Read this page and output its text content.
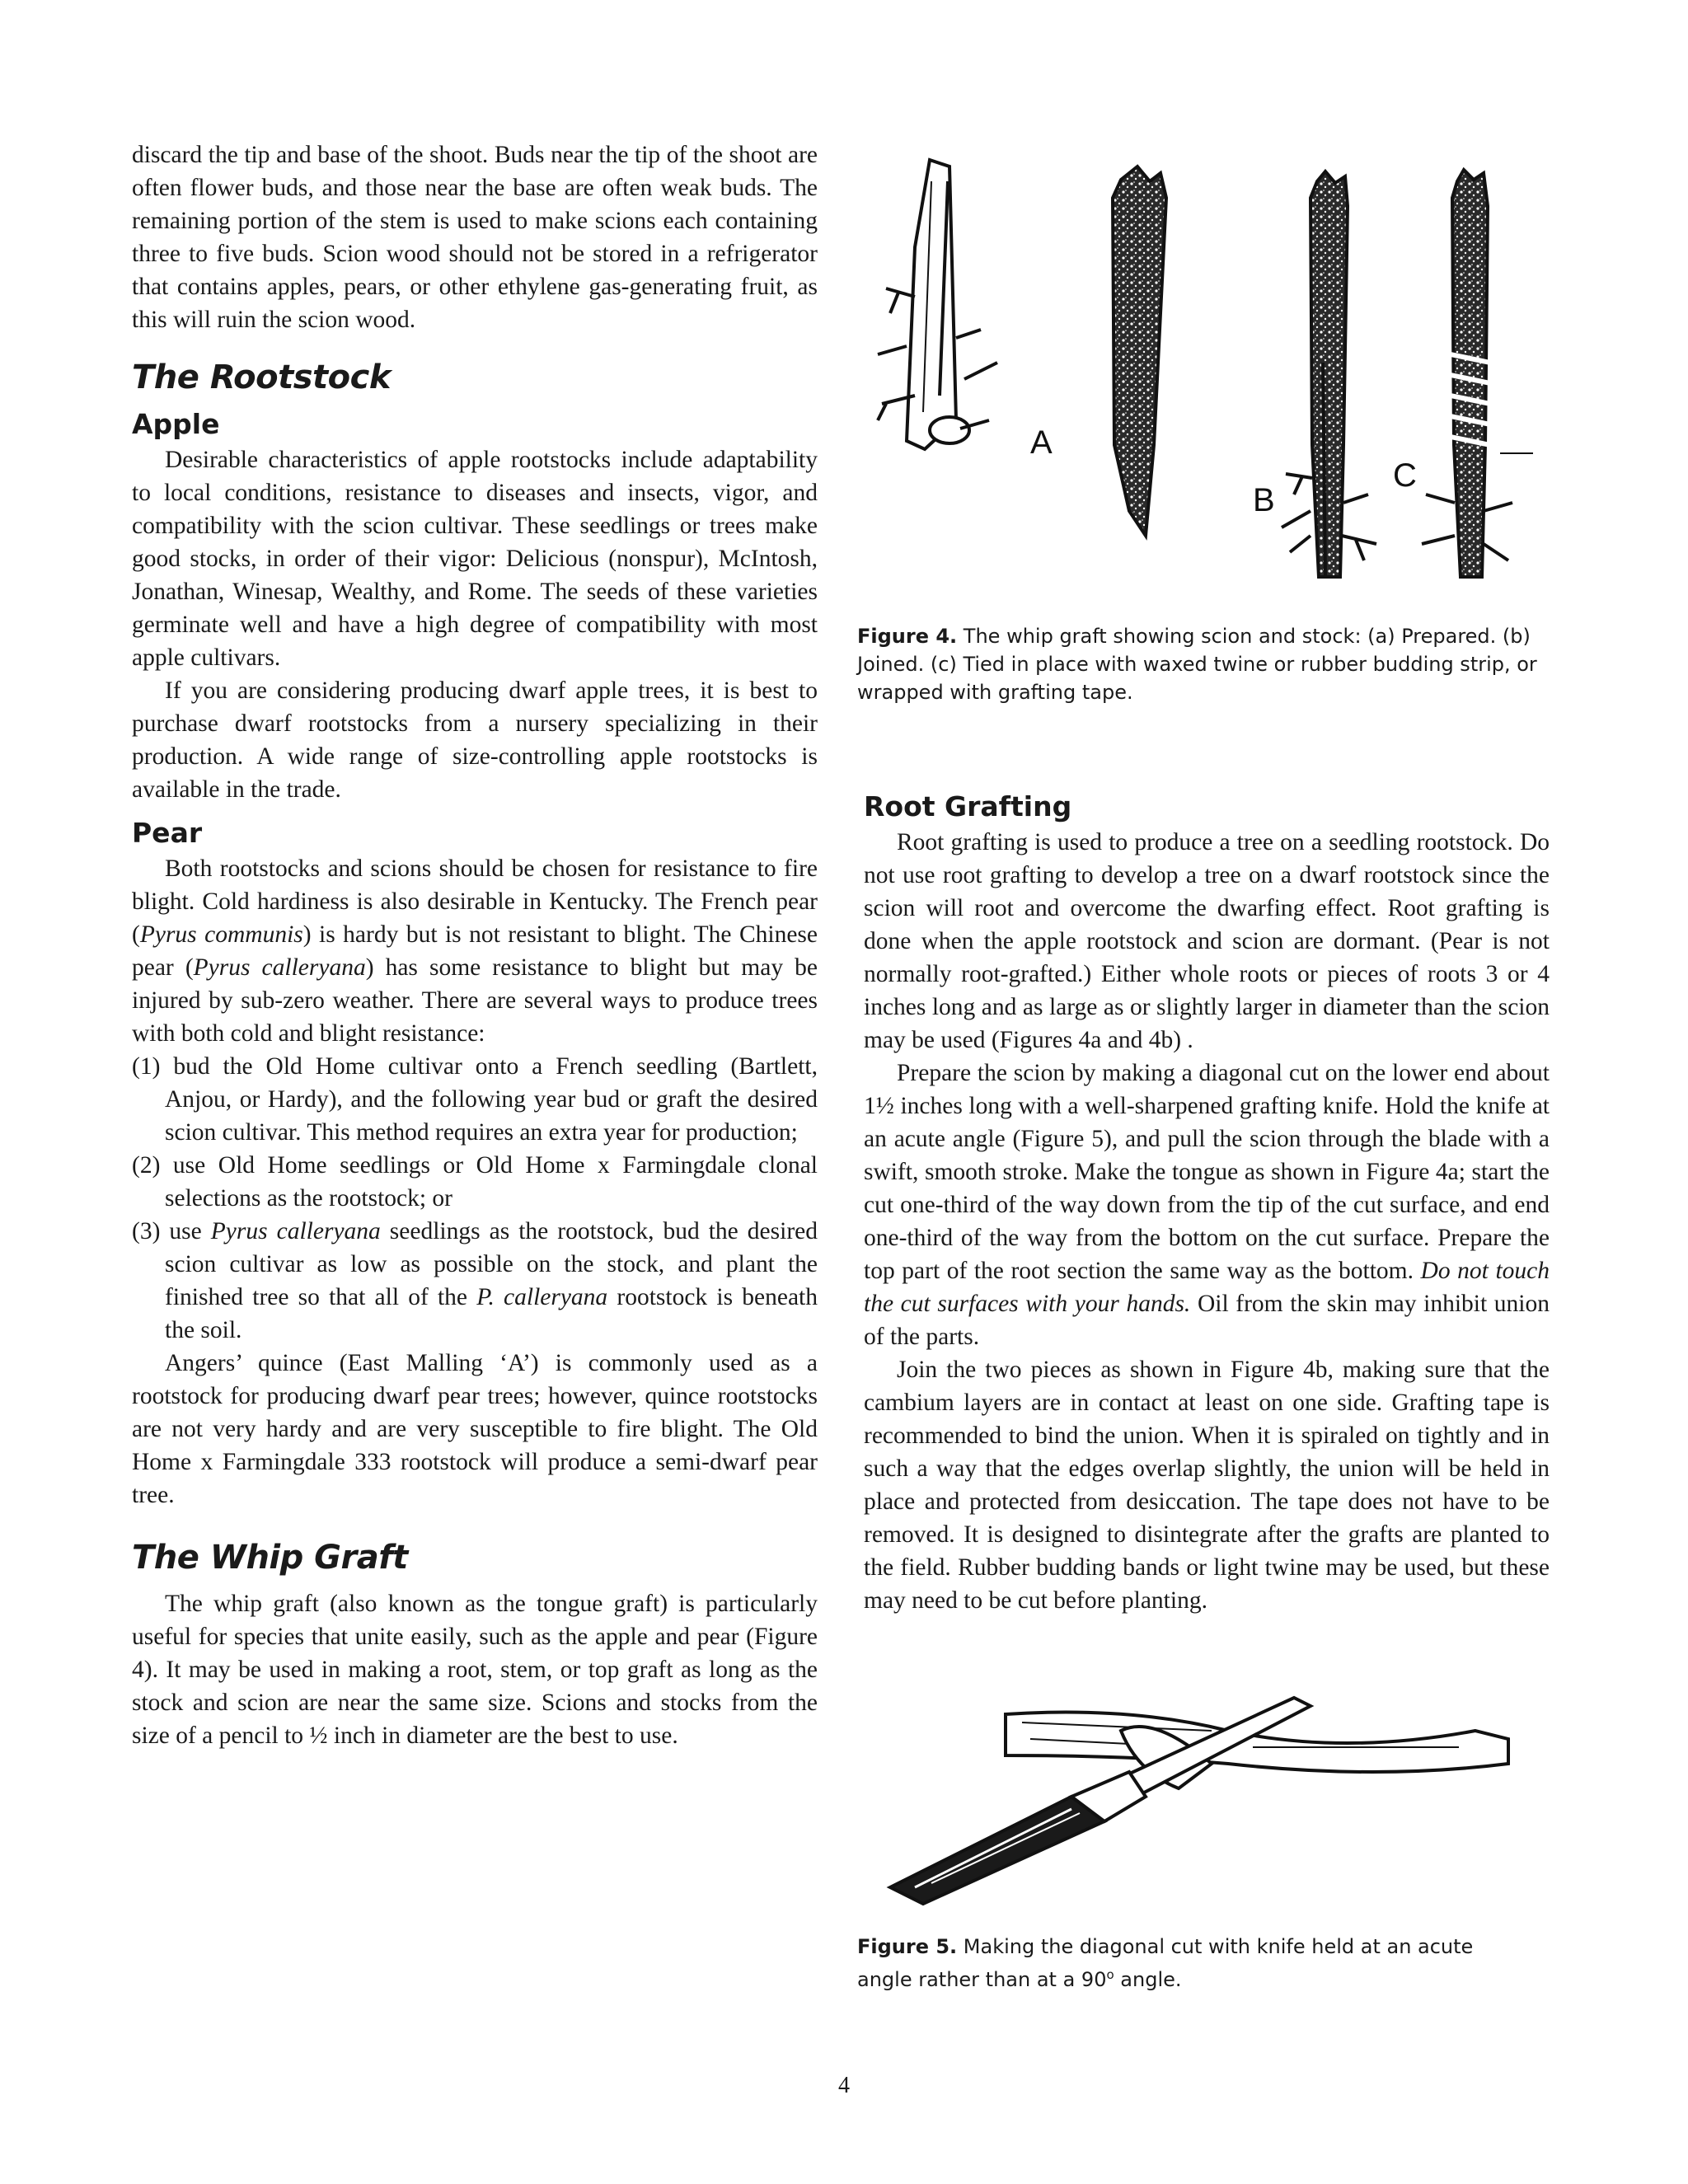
discard the tip and base of the shoot. Buds near the tip of the shoot are often flower buds, and those near the base are often weak buds. The remaining portion of the stem is used to make scions each containing three to five buds. Scion wood should not be stored in a refrigerator that contains apples, pears, or other ethylene gas-generating fruit, as this will ruin the scion wood.

The Rootstock
Apple

Desirable characteristics of apple rootstocks include adaptability to local conditions, resistance to diseases and insects, vigor, and compatibility with the scion cultivar. These seedlings or trees make good stocks, in order of their vigor: Delicious (nonspur), McIntosh, Jonathan, Winesap, Wealthy, and Rome. The seeds of these varieties germinate well and have a high degree of compatibility with most apple cultivars.

If you are considering producing dwarf apple trees, it is best to purchase dwarf rootstocks from a nursery specializing in their production. A wide range of size-controlling apple rootstocks is available in the trade.

Pear

Both rootstocks and scions should be chosen for resistance to fire blight. Cold hardiness is also desirable in Kentucky. The French pear (Pyrus communis) is hardy but is not resistant to blight. The Chinese pear (Pyrus calleryana) has some resistance to blight but may be injured by sub-zero weather. There are several ways to produce trees with both cold and blight resistance:

(1) bud the Old Home cultivar onto a French seedling (Bartlett, Anjou, or Hardy), and the following year bud or graft the desired scion cultivar. This method requires an extra year for production;

(2) use Old Home seedlings or Old Home x Farmingdale clonal selections as the rootstock; or

(3) use Pyrus calleryana seedlings as the rootstock, bud the desired scion cultivar as low as possible on the stock, and plant the finished tree so that all of the P. calleryana rootstock is beneath the soil.

Angers’ quince (East Malling ‘A’) is commonly used as a rootstock for producing dwarf pear trees; however, quince rootstocks are not very hardy and are very susceptible to fire blight. The Old Home x Farmingdale 333 rootstock will produce a semi-dwarf pear tree.

The Whip Graft

The whip graft (also known as the tongue graft) is particularly useful for species that unite easily, such as the apple and pear (Figure 4). It may be used in making a root, stem, or top graft as long as the stock and scion are near the same size. Scions and stocks from the size of a pencil to ½ inch in diameter are the best to use.

A
B
C
Figure 4. The whip graft showing scion and stock: (a) Prepared. (b) Joined. (c) Tied in place with waxed twine or rubber budding strip, or wrapped with grafting tape.
Root Grafting

Root grafting is used to produce a tree on a seedling rootstock. Do not use root grafting to develop a tree on a dwarf rootstock since the scion will root and overcome the dwarfing effect. Root grafting is done when the apple rootstock and scion are dormant. (Pear is not normally root-grafted.) Either whole roots or pieces of roots 3 or 4 inches long and as large as or slightly larger in diameter than the scion may be used (Figures 4a and 4b) .

Prepare the scion by making a diagonal cut on the lower end about 1½ inches long with a well-sharpened grafting knife. Hold the knife at an acute angle (Figure 5), and pull the scion through the blade with a swift, smooth stroke. Make the tongue as shown in Figure 4a; start the cut one-third of the way down from the tip of the cut surface, and end one-third of the way from the bottom on the cut surface. Prepare the top part of the root section the same way as the bottom. Do not touch the cut surfaces with your hands. Oil from the skin may inhibit union of the parts.

Join the two pieces as shown in Figure 4b, making sure that the cambium layers are in contact at least on one side. Grafting tape is recommended to bind the union. When it is spiraled on tightly and in such a way that the edges overlap slightly, the union will be held in place and protected from desiccation. The tape does not have to be removed. It is designed to disintegrate after the grafts are planted to the field. Rubber budding bands or light twine may be used, but these may need to be cut before planting.

Figure 5. Making the diagonal cut with knife held at an acute angle rather than at a 90$^o$ angle.
4
